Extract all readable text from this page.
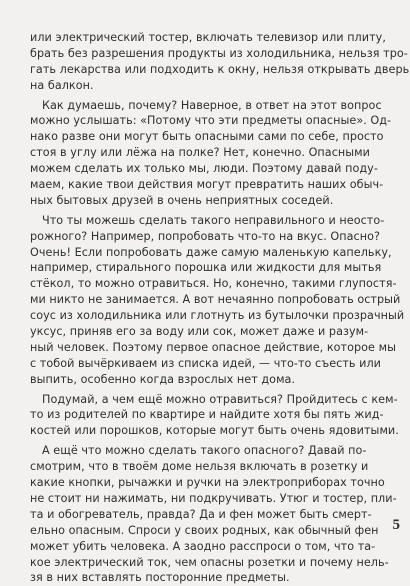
или электрический тостер, включать телевизор или плиту,
брать без разрешения продукты из холодильника, нельзя тро-
гать лекарства или подходить к окну, нельзя открывать дверь
на балкон.
Как думаешь, почему? Наверное, в ответ на этот вопрос
можно услышать: «Потому что эти предметы опасные». Од-
нако разве они могут быть опасными сами по себе, просто
стоя в углу или лёжа на полке? Нет, конечно. Опасными
можем сделать их только мы, люди. Поэтому давай поду-
маем, какие твои действия могут превратить наших обыч-
ных бытовых друзей в очень неприятных соседей.
Что ты можешь сделать такого неправильного и неосто-
рожного? Например, попробовать что-то на вкус. Опасно?
Очень! Если попробовать даже самую маленькую капельку,
например, стирального порошка или жидкости для мытья
стёкол, то можно отравиться. Но, конечно, такими глупостя-
ми никто не занимается. А вот нечаянно попробовать острый
соус из холодильника или глотнуть из бутылочки прозрачный
уксус, приняв его за воду или сок, может даже и разум-
ный человек. Поэтому первое опасное действие, которое мы
с тобой вычёркиваем из списка идей, — что-то съесть или
выпить, особенно когда взрослых нет дома.
Подумай, а чем ещё можно отравиться? Пройдитесь с кем-
то из родителей по квартире и найдите хотя бы пять жид-
костей или порошков, которые могут быть очень ядовитыми.
А ещё что можно сделать такого опасного? Давай по-
смотрим, что в твоём доме нельзя включать в розетку и
какие кнопки, рычажки и ручки на электроприборах точно
не стоит ни нажимать, ни подкручивать. Утюг и тостер, пли-
та и обогреватель, правда? Да и фен может быть смерт-
ельно опасным. Спроси у своих родных, как обычный фен
может убить человека. А заодно расспроси о том, что та-
кое электрический ток, чем опасны розетки и почему нель-
зя в них вставлять посторонние предметы.
5
